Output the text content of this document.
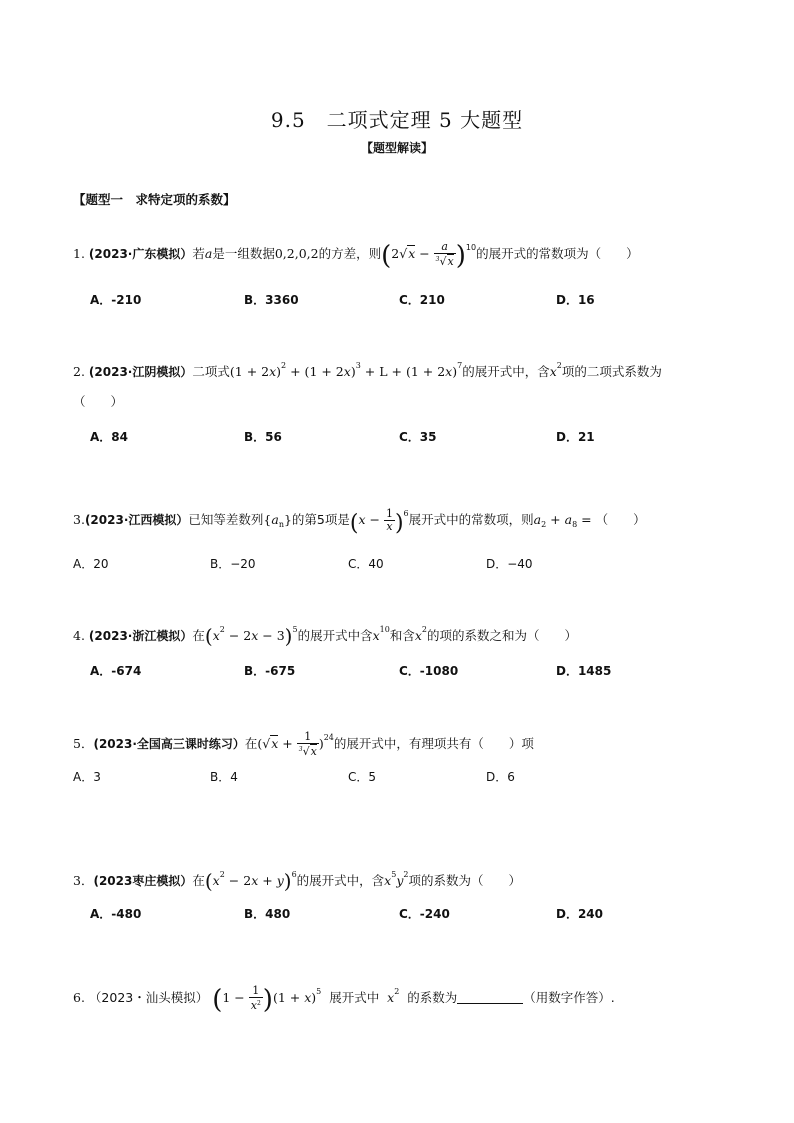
9.5　二项式定理 5 大题型
【题型解读】
【题型一　求特定项的系数】
1. (2023·广东模拟）若a是一组数据0,2,0,2的方差，则$(2√x - \frac{a}{^3√x} )^{10}$的展开式的常数项为（　　）
A．-210	B．3360	C．210	D．16
2. (2023·江阴模拟）二项式$(1 + 2x)^2 + (1 + 2x)^3 + L + (1 + 2x)^7$的展开式中，含$x^2$项的二项式系数为
（　　）
A．84	B．56	C．35	D．21
3.(2023·江西模拟）已知等差数列$\{a_n\}$的第5项是$(x - \frac{1}{x} )^6$展开式中的常数项，则$a_2 + a_8$ = （　　）
A．20	B．−20	C．40	D．−40
4. (2023·浙江模拟）在$(x^2 - 2x - 3)^5$的展开式中含$x^{10}$和含$x^2$的项的系数之和为（　　）
A．-674	B．-675	C．-1080	D．1485
5．(2023·全国高三课时练习）在$(√x + \frac{1}{^3√x} )^{24}$的展开式中，有理项共有（　　）项
A．3	B．4	C．5	D．6
3．(2023枣庄模拟）在$(x^2 - 2x + y)^6$的展开式中，含$x^5y^2$项的系数为（　　）
A．-480	B．480	C．-240	D．240
6. （2023・汕头模拟） $(1 - \frac{1}{x^2} )(1 + x)^5$ 展开式中 $x^2$ 的系数为	（用数字作答）.
